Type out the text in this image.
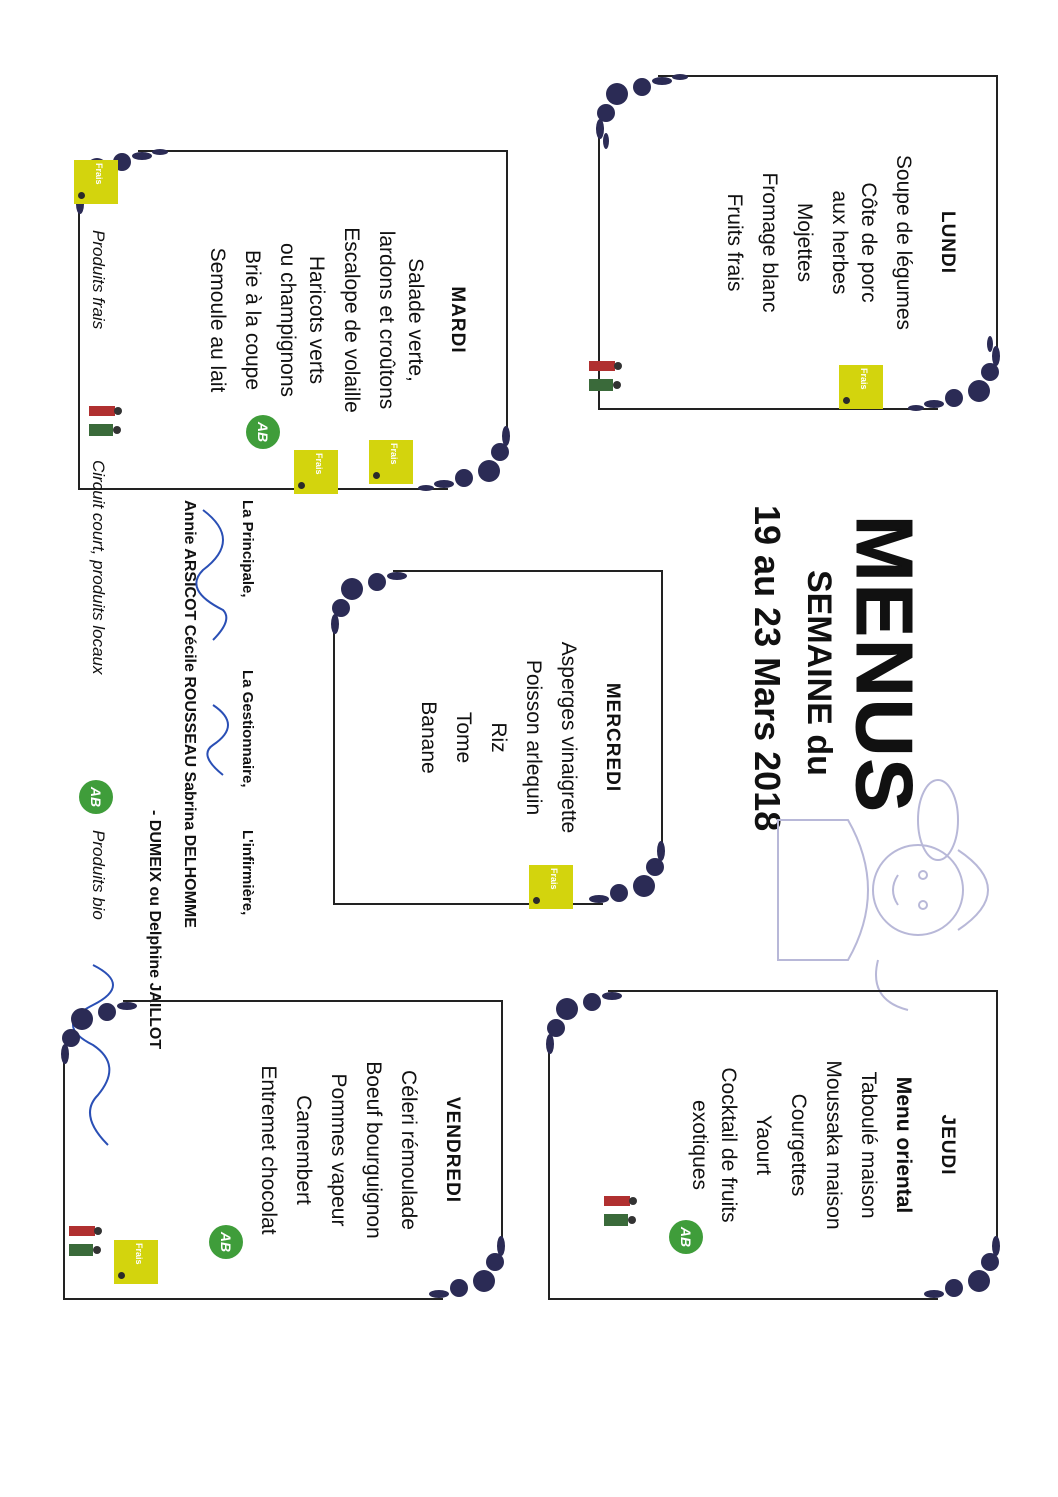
LUNDI
Soupe de légumes
Côte de porc
aux herbes
Mojettes
Fromage blanc
Fruits frais
Frais
MARDI
Salade verte,
lardons et croûtons
Escalope de volaille
Haricots verts
ou champignons
Brie à la coupe
Semoule au lait
Frais
Frais
AB
MENUS
SEMAINE du
19 au 23 Mars 2018
MERCREDI
Asperges vinaigrette
Poisson arlequin
Riz
Tome
Banane
Frais
La Principale,
La Gestionnaire,
L'infirmière,
Annie ARSICOT Cécile ROUSSEAU Sabrina DELHOMME
- DUMEIX ou Delphine JAILLOT
JEUDI
Menu oriental
Taboulé maison
Moussaka maison
Courgettes
Yaourt
Cocktail de fruits
exotiques
AB
VENDREDI
Céleri rémoulade
Boeuf bourguignon
Pommes vapeur
Camembert
Entremet chocolat
AB
Frais
Frais
Produits frais
Circuit court, produits locaux
AB
Produits bio
